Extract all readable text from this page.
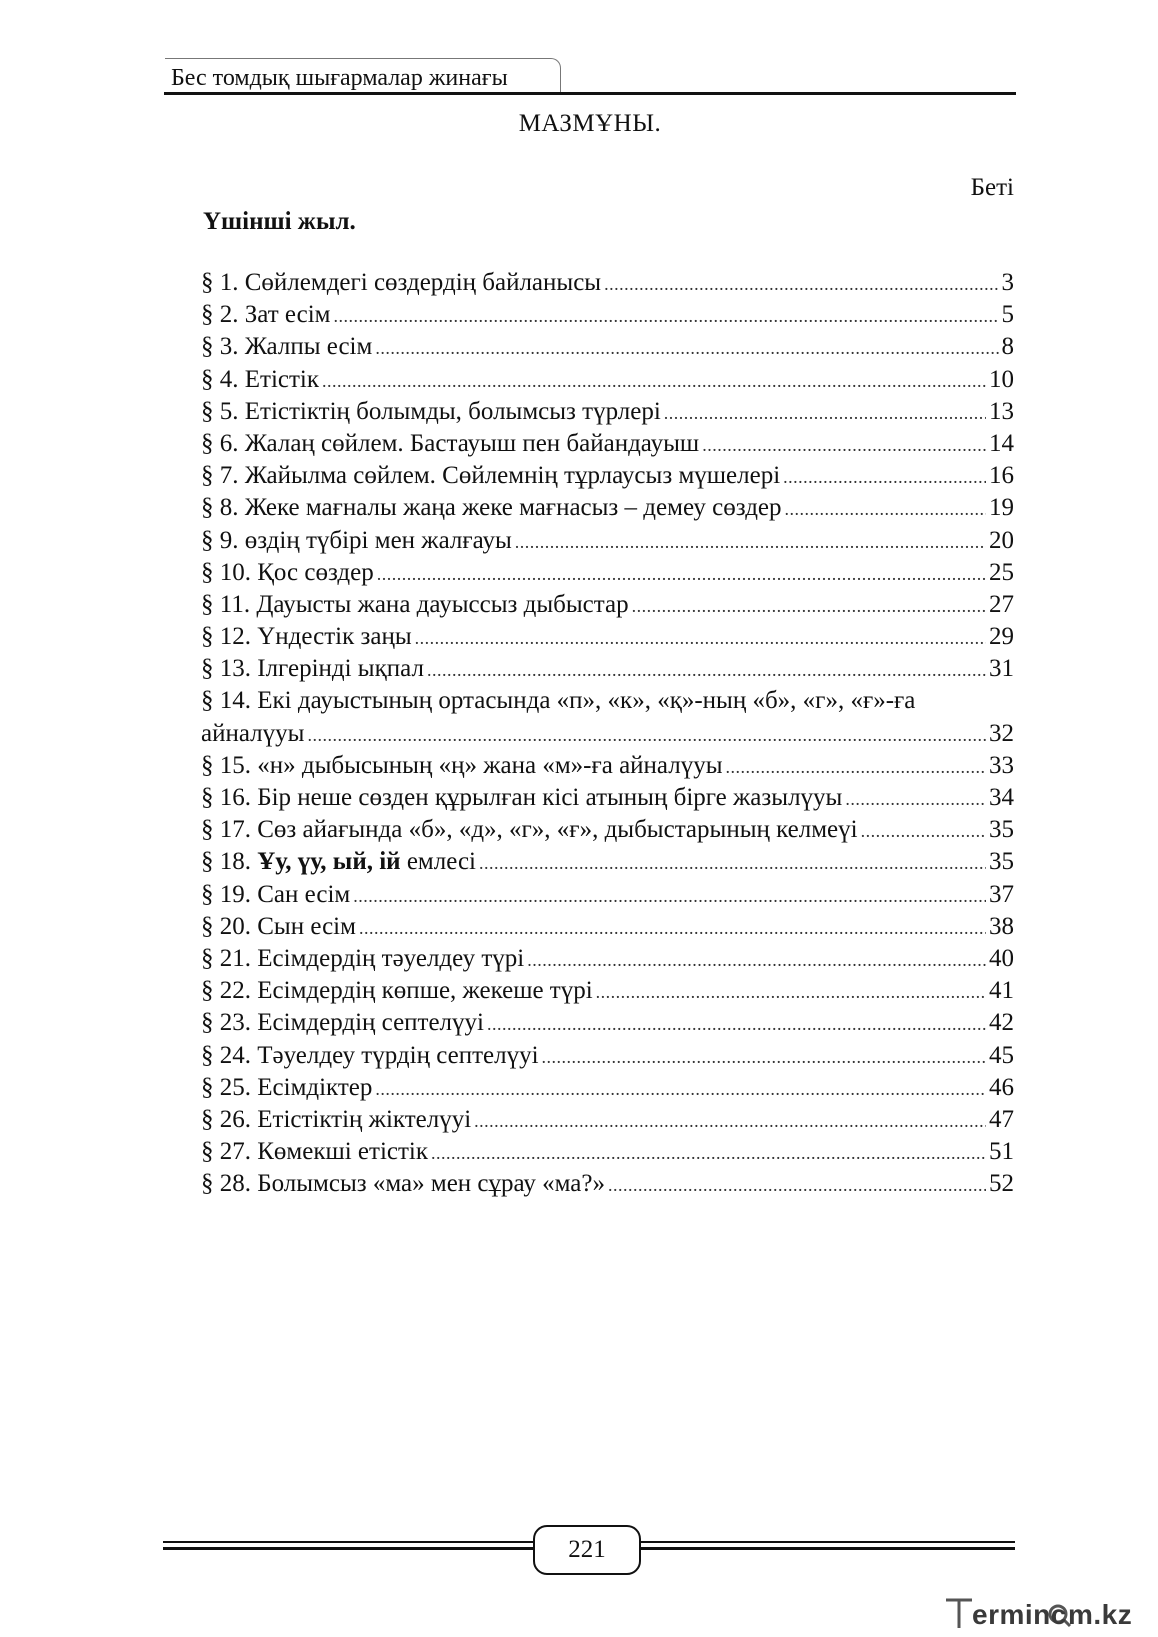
Бес томдық шығармалар жинағы
МАЗМҰНЫ.
Беті
Үшінші жыл.
§ 1. Сөйлемдегі сөздердің байланысы .....	3
§ 2. Зат есім .....	5
§ 3. Жалпы есім .....	8
§ 4. Етістік .....	10
§ 5. Етістіктің болымды, болымсыз түрлері .....	13
§ 6. Жалаң сөйлем. Бастауыш пен байандауыш .....	14
§ 7. Жайылма сөйлем. Сөйлемнің тұрлаусыз мүшелері .....	16
§ 8. Жеке мағналы жаңа жеке мағнасыз – демеу сөздер .....	19
§ 9. өздің түбірі мен жалғауы .....	20
§ 10. Қос сөздер .....	25
§ 11. Дауысты жана дауыссыз дыбыстар .....	27
§ 12. Үндестік заңы .....	29
§ 13. Ілгеріндi ықпал .....	31
§ 14. Екі дауыстының ортасында «п», «к», «қ»-ның «б», «г», «ғ»-ға
айналүуы .....	32
§ 15. «н» дыбысының «ң» жана «м»-ға айналүуы .....	33
§ 16. Бір неше сөзден құрылған кісі атының бірге жазылүуы .....	34
§ 17. Сөз айағында «б», «д», «г», «ғ», дыбыстарының келмеүі .....	35
§ 18. Ұу, үу, ый, ій емлесі .....	35
§ 19. Сан есім .....	37
§ 20. Сын есім .....	38
§ 21. Есімдердің тәуелдеу түрі .....	40
§ 22. Есімдердің көпше, жекеше түрі .....	41
§ 23. Есімдердің септелүуі .....	42
§ 24. Тәуелдеу түрдің септелүуі .....	45
§ 25. Есімдіктер .....	46
§ 26. Етістіктің жіктелүуі .....	47
§ 27. Көмекші етістік .....	51
§ 28. Болымсыз «ма» мен сұрау «ма?» .....	52
221
erminc m.kz
